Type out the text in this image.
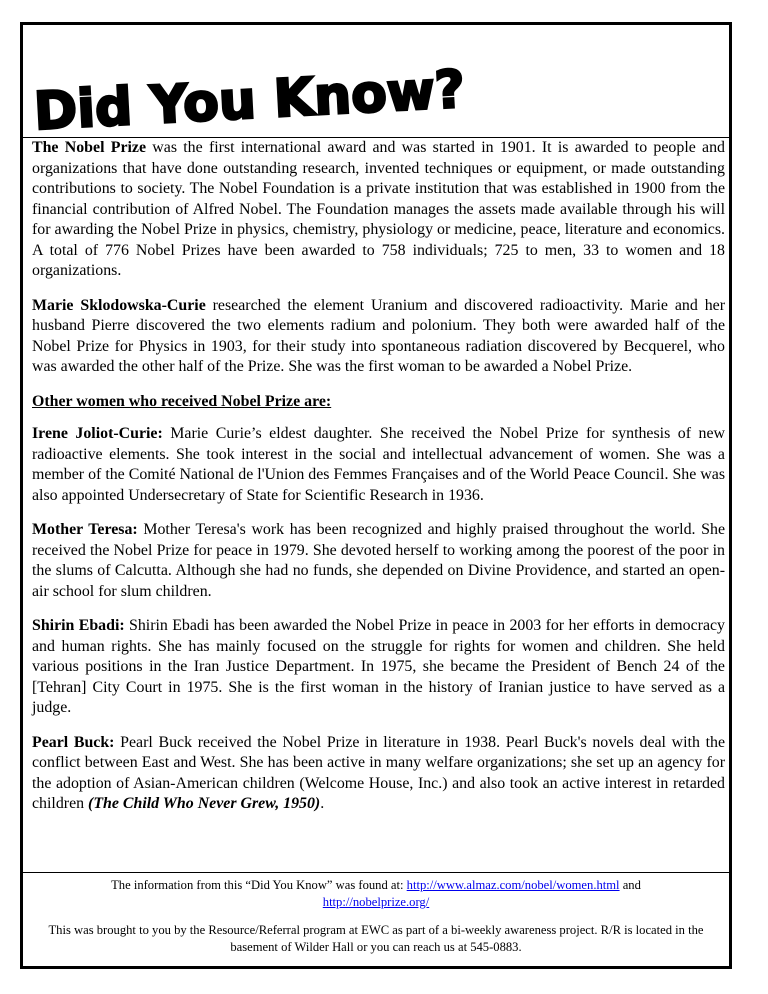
Did You Know?

The Nobel Prize was the first international award and was started in 1901. It is awarded to people and organizations that have done outstanding research, invented techniques or equipment, or made outstanding contributions to society. The Nobel Foundation is a private institution that was established in 1900 from the financial contribution of Alfred Nobel. The Foundation manages the assets made available through his will for awarding the Nobel Prize in physics, chemistry, physiology or medicine, peace, literature and economics. A total of 776 Nobel Prizes have been awarded to 758 individuals; 725 to men, 33 to women and 18 organizations.

Marie Sklodowska-Curie researched the element Uranium and discovered radioactivity. Marie and her husband Pierre discovered the two elements radium and polonium. They both were awarded half of the Nobel Prize for Physics in 1903, for their study into spontaneous radiation discovered by Becquerel, who was awarded the other half of the Prize. She was the first woman to be awarded a Nobel Prize.

Other women who received Nobel Prize are:

Irene Joliot-Curie: Marie Curie’s eldest daughter. She received the Nobel Prize for synthesis of new radioactive elements. She took interest in the social and intellectual advancement of women. She was a member of the Comité National de l'Union des Femmes Françaises and of the World Peace Council. She was also appointed Undersecretary of State for Scientific Research in 1936.

Mother Teresa: Mother Teresa's work has been recognized and highly praised throughout the world. She received the Nobel Prize for peace in 1979. She devoted herself to working among the poorest of the poor in the slums of Calcutta. Although she had no funds, she depended on Divine Providence, and started an open-air school for slum children.

Shirin Ebadi: Shirin Ebadi has been awarded the Nobel Prize in peace in 2003 for her efforts in democracy and human rights. She has mainly focused on the struggle for rights for women and children. She held various positions in the Iran Justice Department. In 1975, she became the President of Bench 24 of the [Tehran] City Court in 1975. She is the first woman in the history of Iranian justice to have served as a judge.

Pearl Buck: Pearl Buck received the Nobel Prize in literature in 1938. Pearl Buck's novels deal with the conflict between East and West. She has been active in many welfare organizations; she set up an agency for the adoption of Asian-American children (Welcome House, Inc.) and also took an active interest in retarded children (The Child Who Never Grew, 1950).

The information from this “Did You Know” was found at: http://www.almaz.com/nobel/women.html and
http://nobelprize.org/
This was brought to you by the Resource/Referral program at EWC as part of a bi-weekly awareness project. R/R is located in the basement of Wilder Hall or you can reach us at 545-0883.
